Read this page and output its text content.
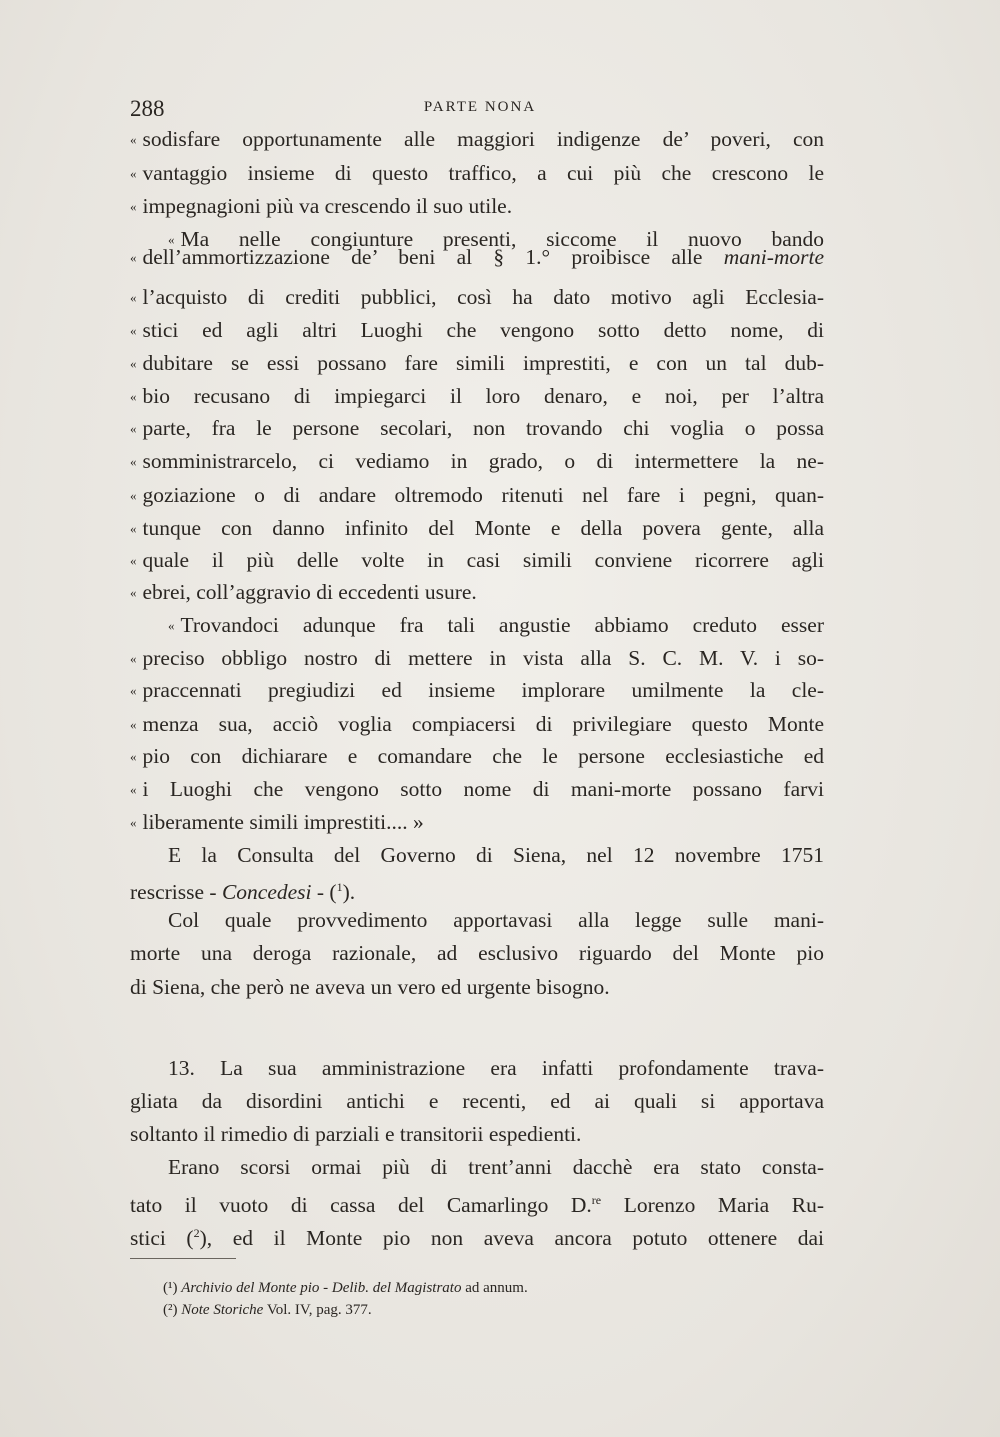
288	PARTE NONA
« sodisfare opportunamente alle maggiori indigenze de’ poveri, con
« vantaggio insieme di questo traffico, a cui più che crescono le
« impegnagioni più va crescendo il suo utile.
« Ma nelle congiunture presenti, siccome il nuovo bando
« dell’ammortizzazione de’ beni al § 1.° proibisce alle mani-morte
« l’acquisto di crediti pubblici, così ha dato motivo agli Ecclesia-
« stici ed agli altri Luoghi che vengono sotto detto nome, di
« dubitare se essi possano fare simili imprestiti, e con un tal dub-
« bio recusano di impiegarci il loro denaro, e noi, per l’altra
« parte, fra le persone secolari, non trovando chi voglia o possa
« somministrarcelo, ci vediamo in grado, o di intermettere la ne-
« goziazione o di andare oltremodo ritenuti nel fare i pegni, quan-
« tunque con danno infinito del Monte e della povera gente, alla
« quale il più delle volte in casi simili conviene ricorrere agli
« ebrei, coll’aggravio di eccedenti usure.
« Trovandoci adunque fra tali angustie abbiamo creduto esser
« preciso obbligo nostro di mettere in vista alla S. C. M. V. i so-
« praccennati pregiudizi ed insieme implorare umilmente la cle-
« menza sua, acciò voglia compiacersi di privilegiare questo Monte
« pio con dichiarare e comandare che le persone ecclesiastiche ed
« i Luoghi che vengono sotto nome di mani-morte possano farvi
« liberamente simili imprestiti.... »
E la Consulta del Governo di Siena, nel 12 novembre 1751
rescrisse - Concedesi - ($^1$).
Col quale provvedimento apportavasi alla legge sulle mani-
morte una deroga razionale, ad esclusivo riguardo del Monte pio
di Siena, che però ne aveva un vero ed urgente bisogno.
13. La sua amministrazione era infatti profondamente trava-
gliata da disordini antichi e recenti, ed ai quali si apportava
soltanto il rimedio di parziali e transitorii espedienti.
Erano scorsi ormai più di trent’anni dacchè era stato consta-
tato il vuoto di cassa del Camarlingo D.$^{re}$ Lorenzo Maria Ru-
stici ($^2$), ed il Monte pio non aveva ancora potuto ottenere dai
(¹) Archivio del Monte pio - Delib. del Magistrato ad annum.
(²) Note Storiche Vol. IV, pag. 377.
